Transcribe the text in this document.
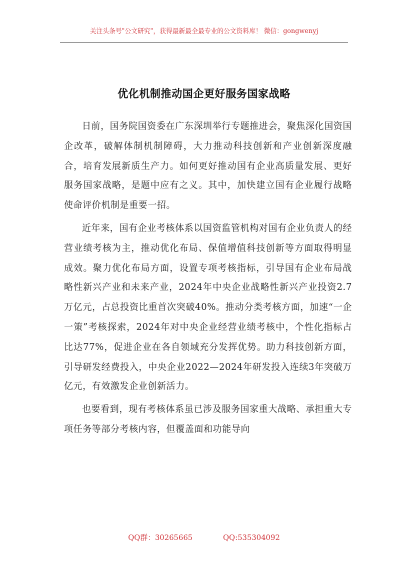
关注头条号"公文研究"，获得最新最全最专业的公文资料库！ 微信：gongwenyj
优化机制推动国企更好服务国家战略

日前，国务院国资委在广东深圳举行专题推进会，聚焦深化国资国企改革，破解体制机制障碍，大力推动科技创新和产业创新深度融合，培育发展新质生产力。如何更好推动国有企业高质量发展、更好服务国家战略，是题中应有之义。其中，加快建立国有企业履行战略使命评价机制是重要一招。

近年来，国有企业考核体系以国资监管机构对国有企业负责人的经营业绩考核为主，推动优化布局、保值增值科技创新等方面取得明显成效。聚力优化布局方面，设置专项考核指标，引导国有企业布局战略性新兴产业和未来产业，2024年中央企业战略性新兴产业投资2.7万亿元，占总投资比重首次突破40%。推动分类考核方面，加速“一企一策”考核探索，2024年对中央企业经营业绩考核中，个性化指标占比达77%，促进企业在各自领域充分发挥优势。助力科技创新方面，引导研发经费投入，中央企业2022—2024年研发投入连续3年突破万亿元，有效激发企业创新活力。

也要看到，现有考核体系虽已涉及服务国家重大战略、承担重大专项任务等部分考核内容，但覆盖面和功能导向

QQ群：30265665	QQ:535304092
